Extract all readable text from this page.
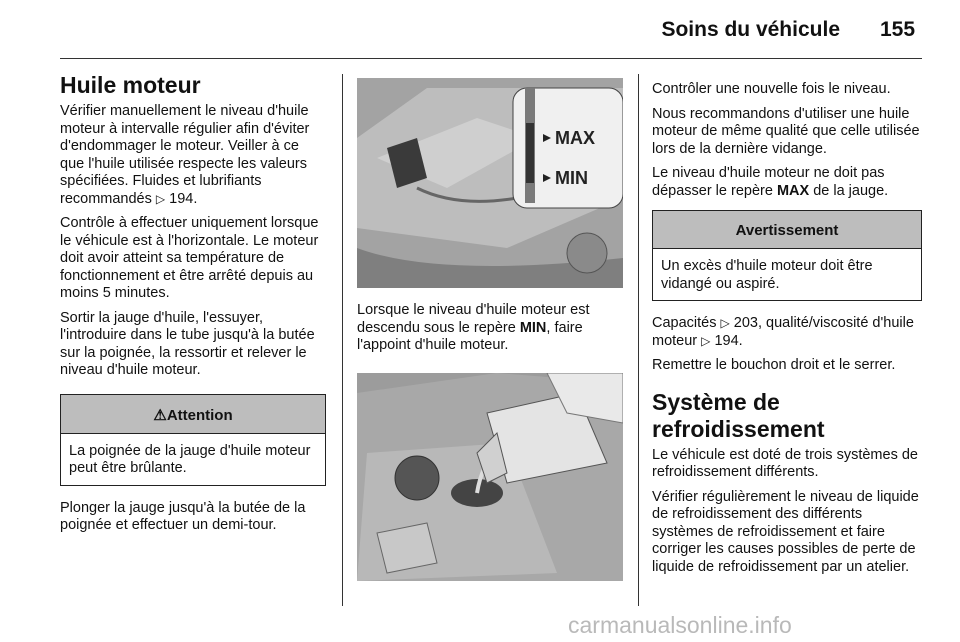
Soins du véhicule 155
Huile moteur

Vérifier manuellement le niveau d'huile moteur à intervalle régulier afin d'éviter d'endommager le moteur. Veiller à ce que l'huile utilisée respecte les valeurs spécifiées. Fluides et lubrifiants recommandés ▷ 194.

Contrôle à effectuer uniquement lorsque le véhicule est à l'horizontale. Le moteur doit avoir atteint sa température de fonctionnement et être arrêté depuis au moins 5 minutes.

Sortir la jauge d'huile, l'essuyer, l'introduire dans le tube jusqu'à la butée sur la poignée, la ressortir et relever le niveau d'huile moteur.

⚠Attention
La poignée de la jauge d'huile moteur peut être brûlante.

Plonger la jauge jusqu'à la butée de la poignée et effectuer un demi-tour.

MAX
MIN

Lorsque le niveau d'huile moteur est descendu sous le repère MIN, faire l'appoint d'huile moteur.

Contrôler une nouvelle fois le niveau.

Nous recommandons d'utiliser une huile moteur de même qualité que celle utilisée lors de la dernière vidange.

Le niveau d'huile moteur ne doit pas dépasser le repère MAX de la jauge.

Avertissement
Un excès d'huile moteur doit être vidangé ou aspiré.

Capacités ▷ 203, qualité/viscosité d'huile moteur ▷ 194.

Remettre le bouchon droit et le serrer.

Système de refroidissement

Le véhicule est doté de trois systèmes de refroidissement différents.

Vérifier régulièrement le niveau de liquide de refroidissement des différents systèmes de refroidissement et faire corriger les causes possibles de perte de liquide de refroidissement par un atelier.

carmanualsonline.info
